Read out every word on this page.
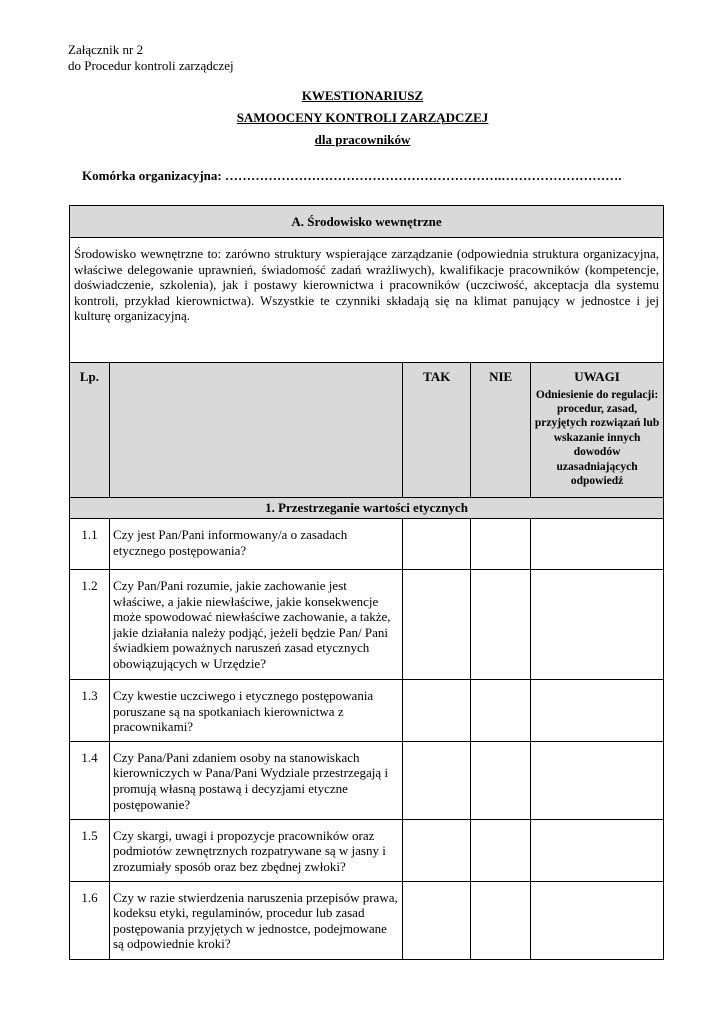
Załącznik nr 2
do Procedur kontroli zarządczej
KWESTIONARIUSZ
SAMOOCENY KONTROLI ZARZĄDCZEJ
dla pracowników
Komórka organizacyjna: ……………………………………………………….……………………….
A. Środowisko wewnętrzne				
Środowisko wewnętrzne to: zarówno struktury wspierające zarządzanie (odpowiednia struktura organizacyjna, właściwe delegowanie uprawnień, świadomość zadań wrażliwych), kwalifikacje pracowników (kompetencje, doświadczenie, szkolenia), jak i postawy kierownictwa i pracowników (uczciwość, akceptacja dla systemu kontroli, przykład kierownictwa). Wszystkie te czynniki składają się na klimat panujący w jednostce i jej kulturę organizacyjną.				
Lp.		TAK	NIE	UWAGI
Odniesienie do regulacji: procedur, zasad, przyjętych rozwiązań lub wskazanie innych dowodów uzasadniających odpowiedź

1. Przestrzeganie wartości etycznych				
1.1	Czy jest Pan/Pani informowany/a o zasadach etycznego postępowania?			
1.2	Czy Pan/Pani rozumie, jakie zachowanie jest właściwe, a jakie niewłaściwe, jakie konsekwencje może spowodować niewłaściwe zachowanie, a także, jakie działania należy podjąć, jeżeli będzie Pan/ Pani świadkiem poważnych naruszeń zasad etycznych obowiązujących w Urzędzie?			
1.3	Czy kwestie uczciwego i etycznego postępowania poruszane są na spotkaniach kierownictwa z pracownikami?			
1.4	Czy Pana/Pani zdaniem osoby na stanowiskach kierowniczych w Pana/Pani Wydziale przestrzegają i promują własną postawą i decyzjami etyczne postępowanie?			
1.5	Czy skargi, uwagi i propozycje pracowników oraz podmiotów zewnętrznych rozpatrywane są w jasny i zrozumiały sposób oraz bez zbędnej zwłoki?			
1.6	Czy w razie stwierdzenia naruszenia przepisów prawa, kodeksu etyki, regulaminów, procedur lub zasad postępowania przyjętych w jednostce, podejmowane są odpowiednie kroki?			
